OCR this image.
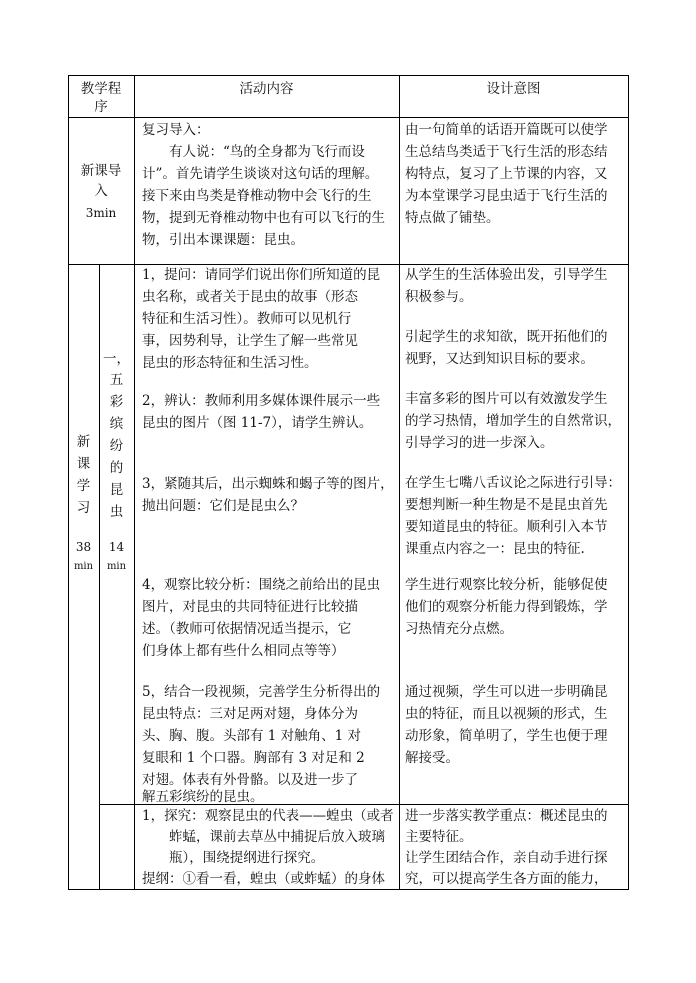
教学程
序
活动内容	设计意图
新课导
入
3min
复习导入：
　　有人说：“鸟的全身都为飞行而设
计”。首先请学生谈谈对这句话的理解。
接下来由鸟类是脊椎动物中会飞行的生
物，提到无脊椎动物中也有可以飞行的生
物，引出本课课题：昆虫。
由一句简单的话语开篇既可以使学
生总结鸟类适于飞行生活的形态结
构特点，复习了上节课的内容，又
为本堂课学习昆虫适于飞行生活的
特点做了铺垫。
新
课
学
习
38
min
一，
五
彩
缤
纷
的
昆
虫
14
min
1，提问：请同学们说出你们所知道的昆
虫名称，或者关于昆虫的故事（形态
特征和生活习性）。教师可以见机行
事，因势利导，让学生了解一些常见
昆虫的形态特征和生活习性。
2，辨认：教师利用多媒体课件展示一些
昆虫的图片（图 11-7），请学生辨认。
3，紧随其后，出示蜘蛛和蝎子等的图片，
抛出问题：它们是昆虫么？
4，观察比较分析：围绕之前给出的昆虫
图片，对昆虫的共同特征进行比较描
述。（教师可依据情况适当提示，它
们身体上都有些什么相同点等等）
5，结合一段视频，完善学生分析得出的
昆虫特点：三对足两对翅，身体分为
头、胸、腹。头部有 1 对触角、1 对
复眼和 1 个口器。胸部有 3 对足和 2
对翅。体表有外骨骼。以及进一步了
解五彩缤纷的昆虫。
从学生的生活体验出发，引导学生
积极参与。
引起学生的求知欲，既开拓他们的
视野，又达到知识目标的要求。
丰富多彩的图片可以有效激发学生
的学习热情，增加学生的自然常识，
引导学习的进一步深入。
在学生七嘴八舌议论之际进行引导：
要想判断一种生物是不是昆虫首先
要知道昆虫的特征。顺利引入本节
课重点内容之一：昆虫的特征.
学生进行观察比较分析，能够促使
他们的观察分析能力得到锻炼，学
习热情充分点燃。
通过视频，学生可以进一步明确昆
虫的特征，而且以视频的形式，生
动形象，简单明了，学生也便于理
解接受。
1，探究：观察昆虫的代表——蝗虫（或者
　　蚱蜢，课前去草丛中捕捉后放入玻璃
　　瓶），围绕提纲进行探究。
提纲：①看一看，蝗虫（或蚱蜢）的身体
进一步落实教学重点：概述昆虫的
主要特征。
让学生团结合作，亲自动手进行探
究，可以提高学生各方面的能力，
